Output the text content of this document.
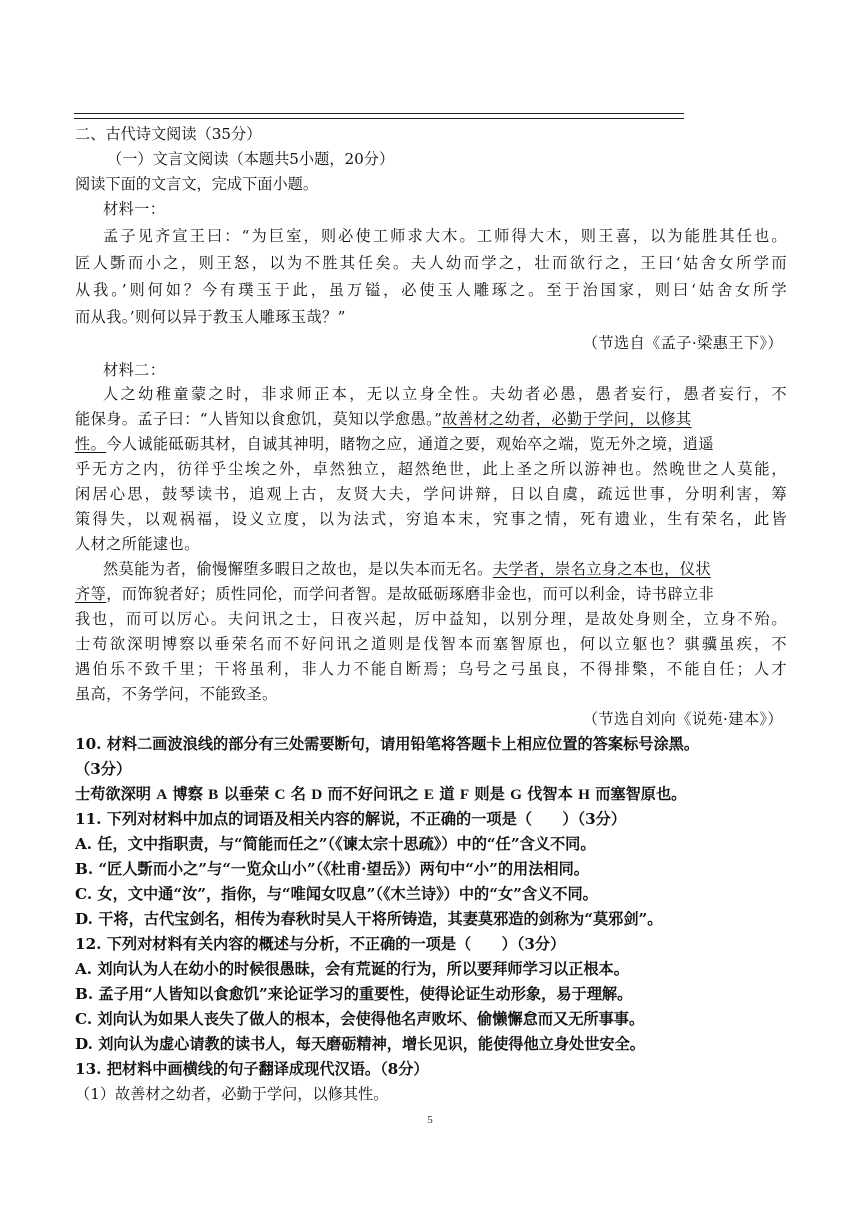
二、古代诗文阅读（35分）
（一）文言文阅读（本题共5小题，20分）
阅读下面的文言文，完成下面小题。
材料一：
孟子见齐宣王曰：“为巨室，则必使工师求大木。工师得大木，则王喜，以为能胜其任也。
匠人斲而小之，则王怒，以为不胜其任矣。夫人幼而学之，壮而欲行之，王曰‘姑舍女所学而
从我。’则何如？今有璞玉于此，虽万镒，必使玉人雕琢之。至于治国家，则曰‘姑舍女所学
而从我。’则何以异于教玉人雕琢玉哉？”
（节选自《孟子·梁惠王下》）
材料二：
人之幼稚童蒙之时，非求师正本，无以立身全性。夫幼者必愚，愚者妄行，愚者妄行，不
能保身。孟子曰：“人皆知以食愈饥，莫知以学愈愚。”故善材之幼者，必勤于学问，以修其
性。今人诚能砥砺其材，自诚其神明，睹物之应，通道之要，观始卒之端，览无外之境，逍遥
乎无方之内，彷徉乎尘埃之外，卓然独立，超然绝世，此上圣之所以游神也。然晚世之人莫能，
闲居心思，鼓琴读书，追观上古，友贤大夫，学问讲辩，日以自虞，疏远世事，分明利害，筹
策得失，以观祸福，设义立度，以为法式，穷追本末，究事之情，死有遗业，生有荣名，此皆
人材之所能逮也。
然莫能为者，偷慢懈堕多暇日之故也，是以失本而无名。夫学者，崇名立身之本也，仪状
齐等，而饰貌者好；质性同伦，而学问者智。是故砥砺琢磨非金也，而可以利金，诗书辟立非
我也，而可以厉心。夫问讯之士，日夜兴起，厉中益知，以别分理，是故处身则全，立身不殆。
士苟欲深明博察以垂荣名而不好问讯之道则是伐智本而塞智原也，何以立躯也？骐骥虽疾，不
遇伯乐不致千里；干将虽利，非人力不能自断焉；乌号之弓虽良，不得排檠，不能自任；人才
虽高，不务学问，不能致圣。
（节选自刘向《说苑·建本》）
10. 材料二画波浪线的部分有三处需要断句，请用铅笔将答题卡上相应位置的答案标号涂黑。
（3分）
士苟欲深明 A 博察 B 以垂荣 C 名 D 而不好问讯之 E 道 F 则是 G 伐智本 H 而塞智原也。
11. 下列对材料中加点的词语及相关内容的解说，不正确的一项是（　　）（3分）
A. 任，文中指职责，与“简能而任之”（《谏太宗十思疏》）中的“任”含义不同。
B. “匠人斲而小之”与“一览众山小”（《杜甫·望岳》）两句中“小”的用法相同。
C. 女，文中通“汝”，指你，与“唯闻女叹息”（《木兰诗》）中的“女”含义不同。
D. 干将，古代宝剑名，相传为春秋时吴人干将所铸造，其妻莫邪造的剑称为“莫邪剑”。
12. 下列对材料有关内容的概述与分析，不正确的一项是（　　）（3分）
A. 刘向认为人在幼小的时候很愚昧，会有荒诞的行为，所以要拜师学习以正根本。
B. 孟子用“人皆知以食愈饥”来论证学习的重要性，使得论证生动形象，易于理解。
C. 刘向认为如果人丧失了做人的根本，会使得他名声败坏、偷懒懈怠而又无所事事。
D. 刘向认为虚心请教的读书人，每天磨砺精神，增长见识，能使得他立身处世安全。
13. 把材料中画横线的句子翻译成现代汉语。（8分）
（1）故善材之幼者，必勤于学问，以修其性。
5
